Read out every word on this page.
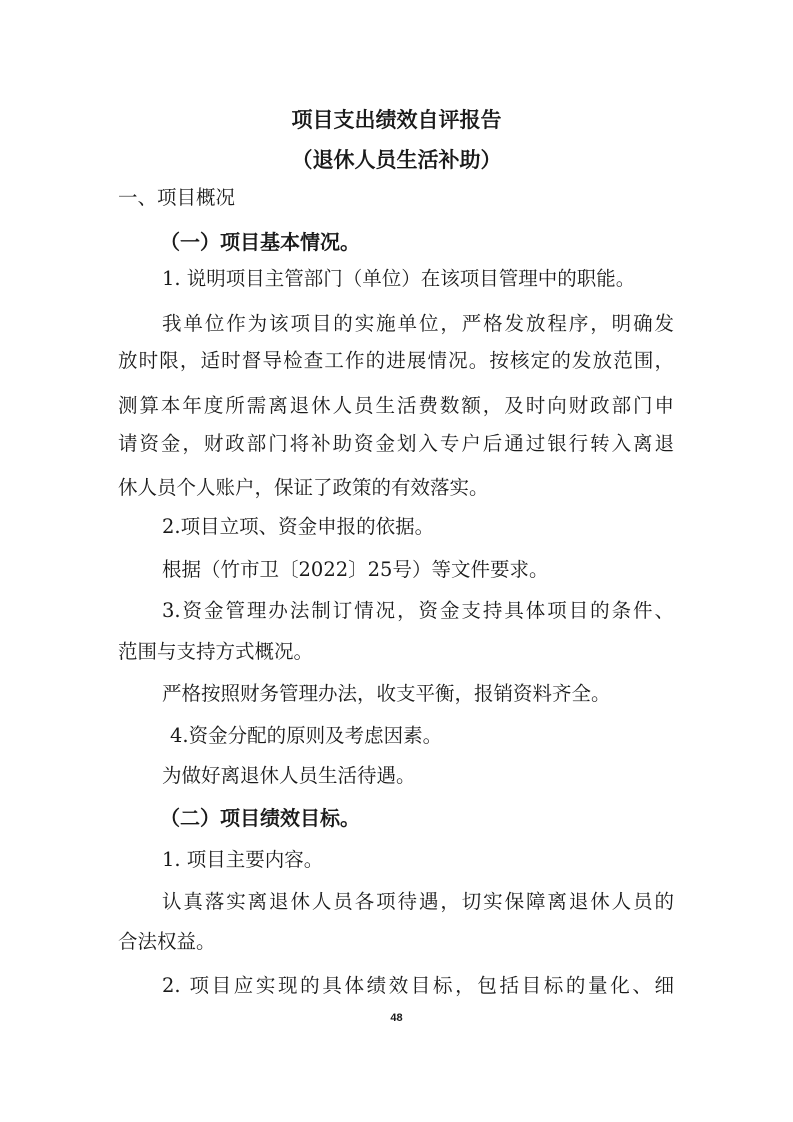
项目支出绩效自评报告
（退休人员生活补助）
一、项目概况
（一）项目基本情况。
1. 说明项目主管部门（单位）在该项目管理中的职能。
我单位作为该项目的实施单位，严格发放程序，明确发
放时限，适时督导检查工作的进展情况。按核定的发放范围，
测算本年度所需离退休人员生活费数额，及时向财政部门申
请资金，财政部门将补助资金划入专户后通过银行转入离退
休人员个人账户，保证了政策的有效落实。
2.项目立项、资金申报的依据。
根据（竹市卫〔2022〕25号）等文件要求。
3.资金管理办法制订情况，资金支持具体项目的条件、
范围与支持方式概况。
严格按照财务管理办法，收支平衡，报销资料齐全。
4.资金分配的原则及考虑因素。
为做好离退休人员生活待遇。
（二）项目绩效目标。
1. 项目主要内容。
认真落实离退休人员各项待遇，切实保障离退休人员的
合法权益。
2. 项目应实现的具体绩效目标，包括目标的量化、细
48
